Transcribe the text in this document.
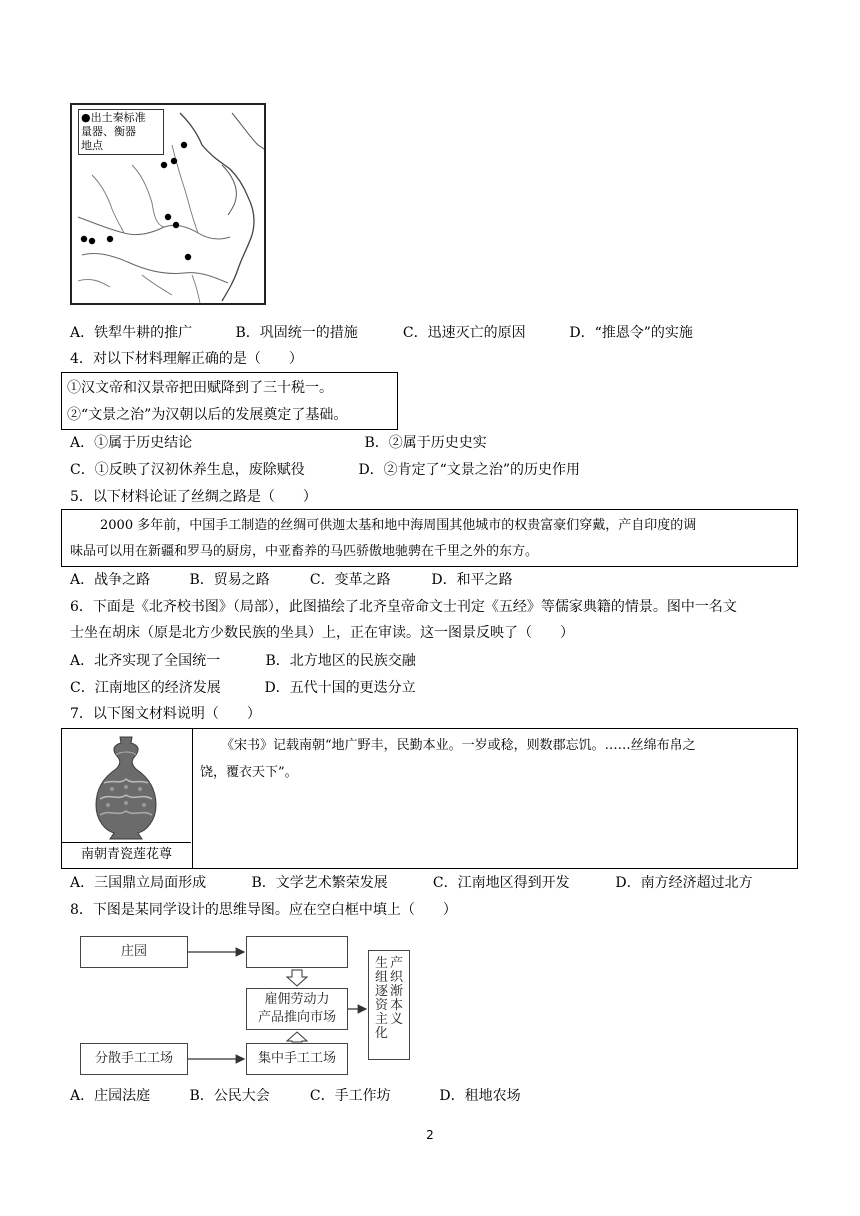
●出土秦标准
量器、衡器
地点
A．铁犁牛耕的推广	B．巩固统一的措施	C．迅速灭亡的原因	D．“推恩令”的实施
4．对以下材料理解正确的是（　　）
①汉文帝和汉景帝把田赋降到了三十税一。
②“文景之治”为汉朝以后的发展奠定了基础。
A．①属于历史结论	B．②属于历史史实
C．①反映了汉初休养生息，废除赋役	D．②肯定了“文景之治”的历史作用
5．以下材料论证了丝绸之路是（　　）
2000 多年前，中国手工制造的丝绸可供迦太基和地中海周围其他城市的权贵富豪们穿戴，产自印度的调
味品可以用在新疆和罗马的厨房，中亚畜养的马匹骄傲地驰骋在千里之外的东方。
A．战争之路	B．贸易之路	C．变革之路	D．和平之路
6．下面是《北齐校书图》（局部），此图描绘了北齐皇帝命文士刊定《五经》等儒家典籍的情景。图中一名文
士坐在胡床（原是北方少数民族的坐具）上，正在审读。这一图景反映了（　　）
A．北齐实现了全国统一	B．北方地区的民族交融
C．江南地区的经济发展	D．五代十国的更迭分立
7．以下图文材料说明（　　）
南朝青瓷莲花尊
《宋书》记载南朝“地广野丰，民勤本业。一岁或稔，则数郡忘饥。……丝绵布帛之
饶，覆衣天下”。
A．三国鼎立局面形成	B．文学艺术繁荣发展	C．江南地区得到开发	D．南方经济超过北方
8．下图是某同学设计的思维导图。应在空白框中填上（　　）
庄园
雇佣劳动力
产品推向市场
分散手工工场	集中手工工场
生
组
逐
资
主
化
产
织
渐
本
义
A．庄园法庭	B．公民大会	C．手工作坊	D．租地农场
2
